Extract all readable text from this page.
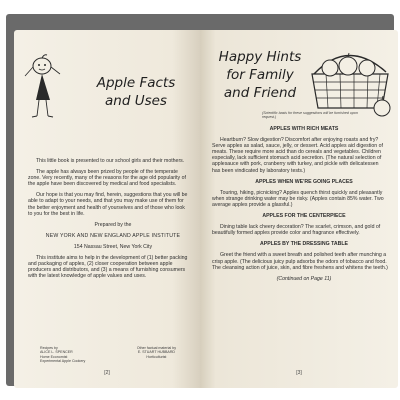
Apple Facts
and Uses

This little book is presented to our school girls and their mothers.

The apple has always been prized by people of the temperate zone. Very recently, many of the reasons for the age old popularity of the apple have been discovered by medical and food specialists.

Our hope is that you may find, herein, suggestions that you will be able to adapt to your needs, and that you may make use of them for the better enjoyment and health of yourselves and of those who look to you for the best in life.

Prepared by the

NEW YORK AND NEW ENGLAND APPLE INSTITUTE

154 Nassau Street, New York City

This institute aims to help in the development of (1) better packing and packaging of apples, (2) closer cooperation between apple producers and distributors, and (3) a means of furnishing consumers with the latest knowledge of apple values and uses.

Recipes by
ALICE L. SPENCER
Home Economist
Experimental Apple Cookery
Other factual material by
E. STUART HUBBARD
Horticulturist
[2]
Happy Hints
for Family
and Friend
(Scientific basis for these suggestions will be furnished upon request.)

APPLES WITH RICH MEATS

Heartburn? Slow digestion? Discomfort after enjoying roasts and fry? Serve apples as salad, sauce, jelly, or dessert. Acid apples aid digestion of meats. These require more acid than do cereals and vegetables. Children especially, lack sufficient stomach acid secretion. (The natural selection of applesauce with pork, cranberry with turkey, and pickle with delicatessen has been vindicated by laboratory tests.)

APPLES WHEN WE'RE GOING PLACES

Touring, hiking, picnicking? Apples quench thirst quickly and pleasantly when strange drinking water may be risky. (Apples contain 85% water. Two average apples provide a glassful.)

APPLES FOR THE CENTERPIECE

Dining table lack cheery decoration? The scarlet, crimson, and gold of beautifully formed apples provide color and fragrance effectively.

APPLES BY THE DRESSING TABLE

Greet the friend with a sweet breath and polished teeth after munching a crisp apple. (The delicious juicy pulp adsorbs the odors of tobacco and food. The cleansing action of juice, skin, and fibre freshens and whitens the teeth.)

(Continued on Page 11)

[3]
